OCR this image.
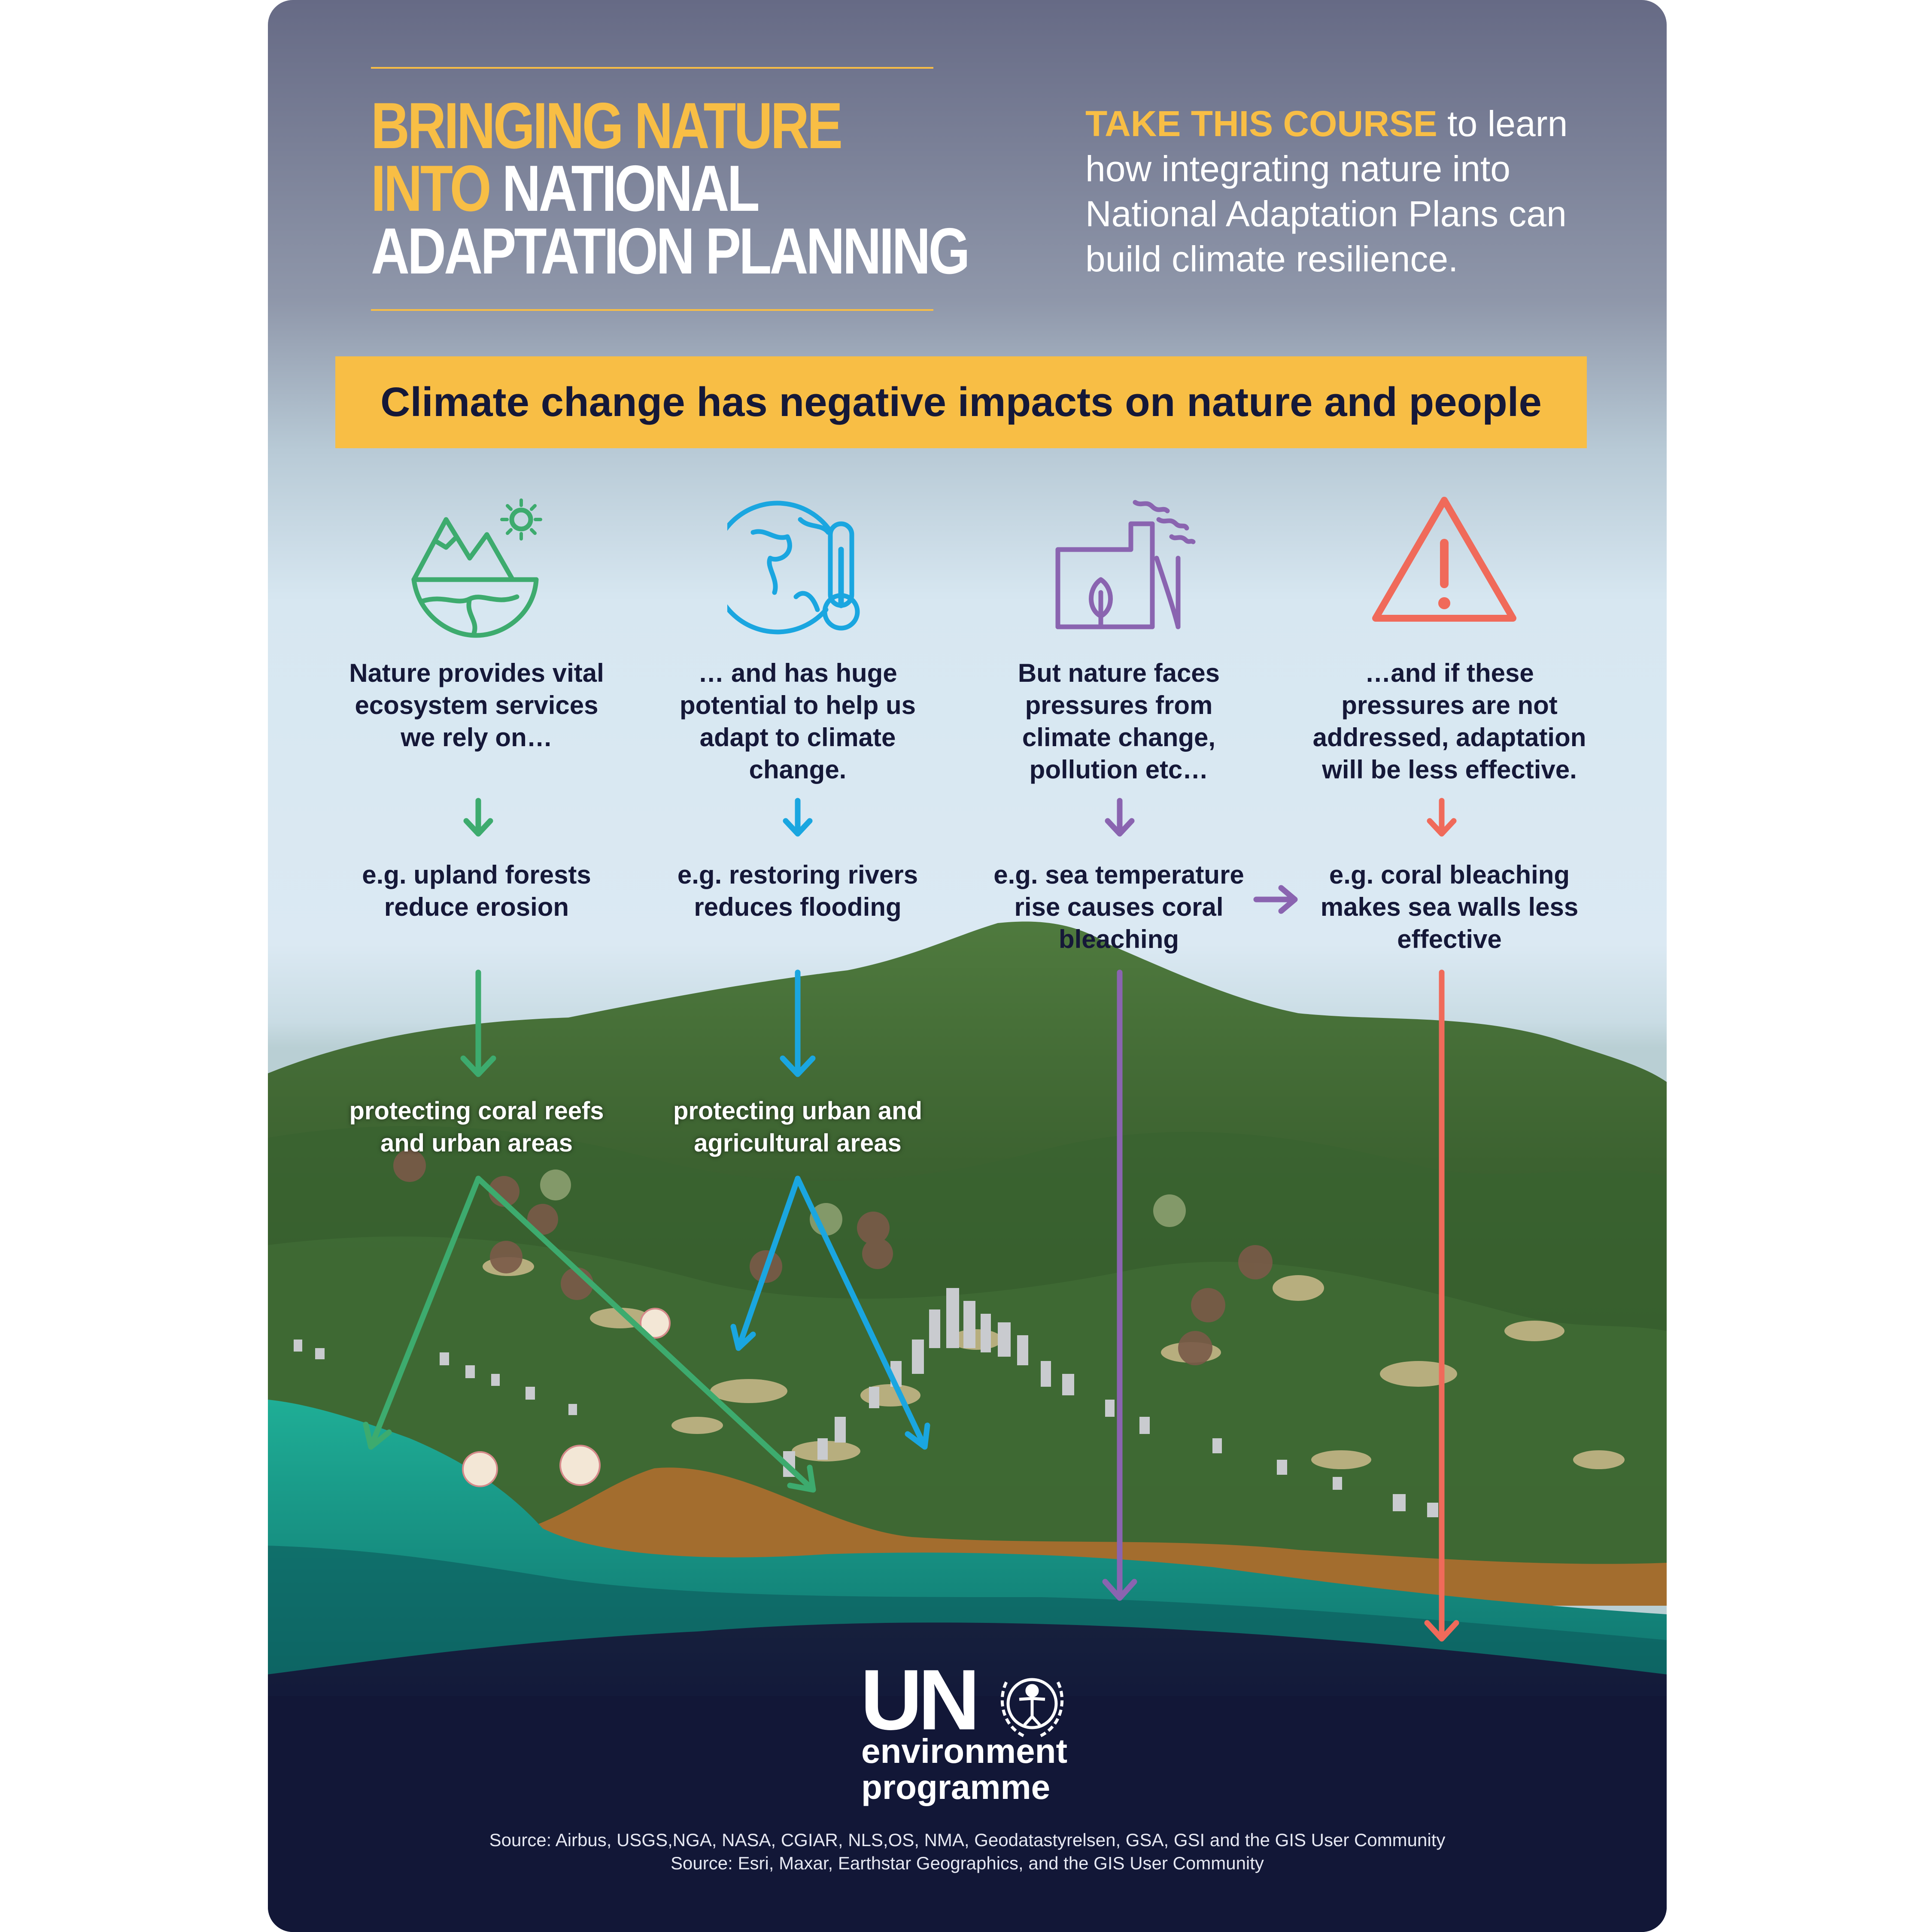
BRINGING NATURE
INTO NATIONAL
ADAPTATION PLANNING
TAKE THIS COURSE to learn how integrating nature into National Adaptation Plans can build climate resilience.
Climate change has negative impacts on nature and people
Nature provides vital ecosystem services we rely on…
… and has huge potential to help us adapt to climate change.
But nature faces pressures from climate change, pollution etc…
…and if these pressures are not addressed, adaptation will be less effective.
e.g. upland forests reduce erosion
e.g. restoring rivers reduces flooding
e.g. sea temperature rise causes coral bleaching
e.g. coral bleaching makes sea walls less effective
protecting coral reefs and urban areas
protecting urban and agricultural areas
UN
environment
programme
Source: Airbus, USGS,NGA, NASA, CGIAR, NLS,OS, NMA, Geodatastyrelsen, GSA, GSI and the GIS User Community
Source: Esri, Maxar, Earthstar Geographics, and the GIS User Community
